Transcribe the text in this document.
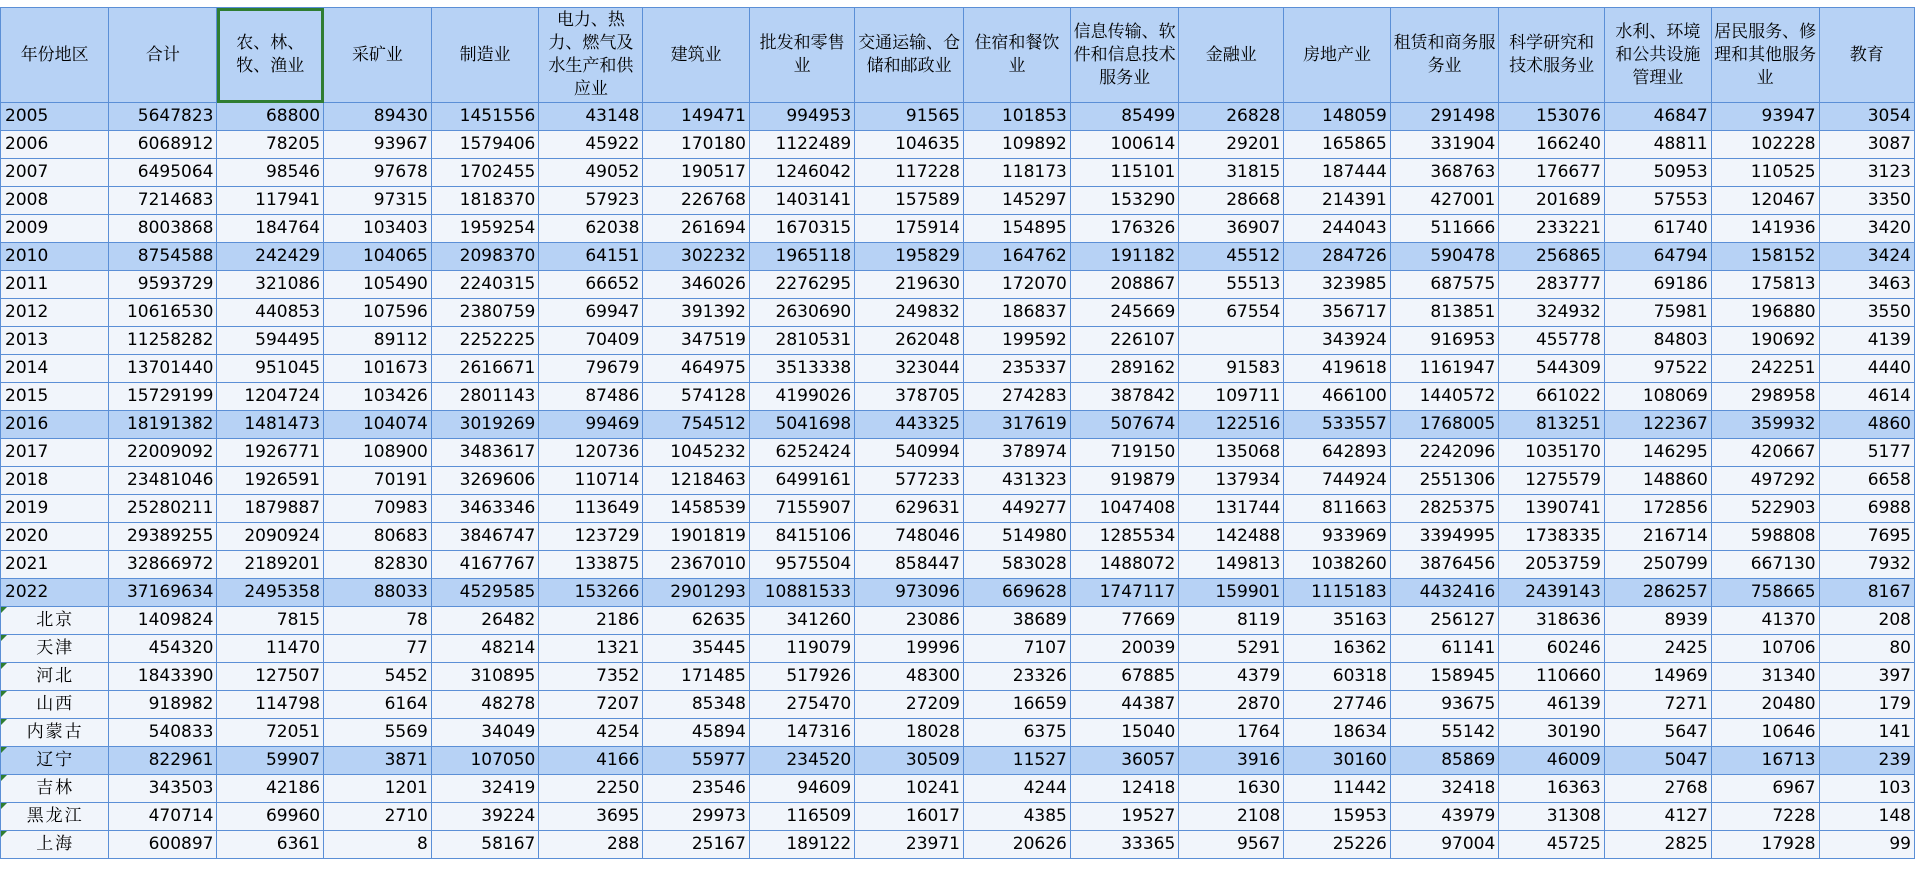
年份地区	合计	农、林、牧、渔业	采矿业	制造业	电力、热力、燃气及水生产和供应业	建筑业	批发和零售业	交通运输、仓储和邮政业	住宿和餐饮业	信息传输、软件和信息技术服务业	金融业	房地产业	租赁和商务服务业	科学研究和技术服务业	水利、环境和公共设施管理业	居民服务、修理和其他服务业	教育
2005	5647823	68800	89430	1451556	43148	149471	994953	91565	101853	85499	26828	148059	291498	153076	46847	93947	3054
2006	6068912	78205	93967	1579406	45922	170180	1122489	104635	109892	100614	29201	165865	331904	166240	48811	102228	3087
2007	6495064	98546	97678	1702455	49052	190517	1246042	117228	118173	115101	31815	187444	368763	176677	50953	110525	3123
2008	7214683	117941	97315	1818370	57923	226768	1403141	157589	145297	153290	28668	214391	427001	201689	57553	120467	3350
2009	8003868	184764	103403	1959254	62038	261694	1670315	175914	154895	176326	36907	244043	511666	233221	61740	141936	3420
2010	8754588	242429	104065	2098370	64151	302232	1965118	195829	164762	191182	45512	284726	590478	256865	64794	158152	3424
2011	9593729	321086	105490	2240315	66652	346026	2276295	219630	172070	208867	55513	323985	687575	283777	69186	175813	3463
2012	10616530	440853	107596	2380759	69947	391392	2630690	249832	186837	245669	67554	356717	813851	324932	75981	196880	3550
2013	11258282	594495	89112	2252225	70409	347519	2810531	262048	199592	226107		343924	916953	455778	84803	190692	4139
2014	13701440	951045	101673	2616671	79679	464975	3513338	323044	235337	289162	91583	419618	1161947	544309	97522	242251	4440
2015	15729199	1204724	103426	2801143	87486	574128	4199026	378705	274283	387842	109711	466100	1440572	661022	108069	298958	4614
2016	18191382	1481473	104074	3019269	99469	754512	5041698	443325	317619	507674	122516	533557	1768005	813251	122367	359932	4860
2017	22009092	1926771	108900	3483617	120736	1045232	6252424	540994	378974	719150	135068	642893	2242096	1035170	146295	420667	5177
2018	23481046	1926591	70191	3269606	110714	1218463	6499161	577233	431323	919879	137934	744924	2551306	1275579	148860	497292	6658
2019	25280211	1879887	70983	3463346	113649	1458539	7155907	629631	449277	1047408	131744	811663	2825375	1390741	172856	522903	6988
2020	29389255	2090924	80683	3846747	123729	1901819	8415106	748046	514980	1285534	142488	933969	3394995	1738335	216714	598808	7695
2021	32866972	2189201	82830	4167767	133875	2367010	9575504	858447	583028	1488072	149813	1038260	3876456	2053759	250799	667130	7932
2022	37169634	2495358	88033	4529585	153266	2901293	10881533	973096	669628	1747117	159901	1115183	4432416	2439143	286257	758665	8167
北京	1409824	7815	78	26482	2186	62635	341260	23086	38689	77669	8119	35163	256127	318636	8939	41370	208
天津	454320	11470	77	48214	1321	35445	119079	19996	7107	20039	5291	16362	61141	60246	2425	10706	80
河北	1843390	127507	5452	310895	7352	171485	517926	48300	23326	67885	4379	60318	158945	110660	14969	31340	397
山西	918982	114798	6164	48278	7207	85348	275470	27209	16659	44387	2870	27746	93675	46139	7271	20480	179
内蒙古	540833	72051	5569	34049	4254	45894	147316	18028	6375	15040	1764	18634	55142	30190	5647	10646	141
辽宁	822961	59907	3871	107050	4166	55977	234520	30509	11527	36057	3916	30160	85869	46009	5047	16713	239
吉林	343503	42186	1201	32419	2250	23546	94609	10241	4244	12418	1630	11442	32418	16363	2768	6967	103
黑龙江	470714	69960	2710	39224	3695	29973	116509	16017	4385	19527	2108	15953	43979	31308	4127	7228	148
上海	600897	6361	8	58167	288	25167	189122	23971	20626	33365	9567	25226	97004	45725	2825	17928	99
